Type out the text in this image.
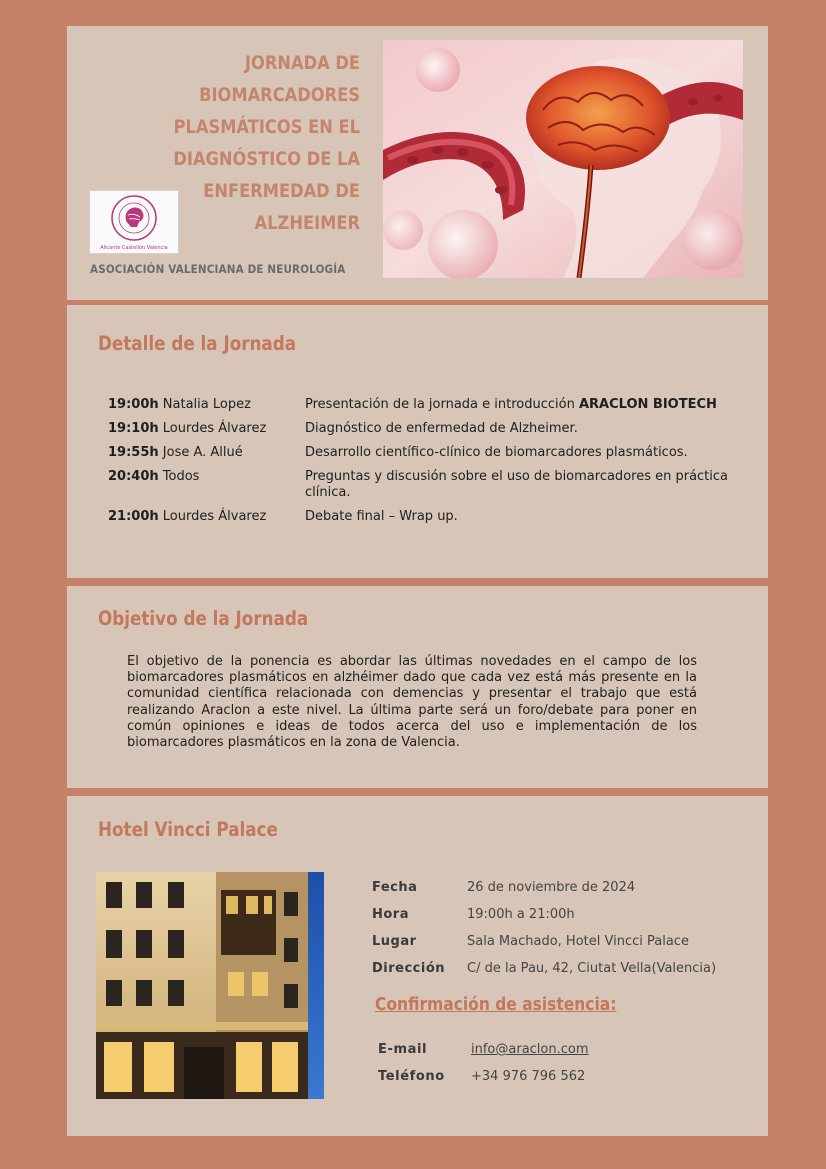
JORNADA DE BIOMARCADORES PLASMÁTICOS EN EL DIAGNÓSTICO DE LA ENFERMEDAD DE ALZHEIMER
Alicante Castellón Valencia
ASOCIACIÓN VALENCIANA DE NEUROLOGÍA
Detalle de la Jornada
19:00h Natalia Lopez	Presentación de la jornada e introducción ARACLON BIOTECH
19:10h Lourdes Álvarez	Diagnóstico de enfermedad de Alzheimer.
19:55h Jose A. Allué	Desarrollo científico-clínico de biomarcadores plasmáticos.
20:40h Todos	Preguntas y discusión sobre el uso de biomarcadores en práctica clínica.
21:00h Lourdes Álvarez	Debate final – Wrap up.
Objetivo de la Jornada

El objetivo de la ponencia es abordar las últimas novedades en el campo de los biomarcadores plasmáticos en alzhéimer dado que cada vez está más presente en la comunidad científica relacionada con demencias y presentar el trabajo que está realizando Araclon a este nivel. La última parte será un foro/debate para poner en común opiniones e ideas de todos acerca del uso e implementación de los biomarcadores plasmáticos en la zona de Valencia.

Hotel Vincci Palace
Fecha	26 de noviembre de 2024
Hora	19:00h a 21:00h
Lugar	Sala Machado, Hotel Vincci Palace
Dirección	C/ de la Pau, 42, Ciutat Vella(Valencia)
Confirmación de asistencia:
E-mail	info@araclon.com
Teléfono	+34 976 796 562
